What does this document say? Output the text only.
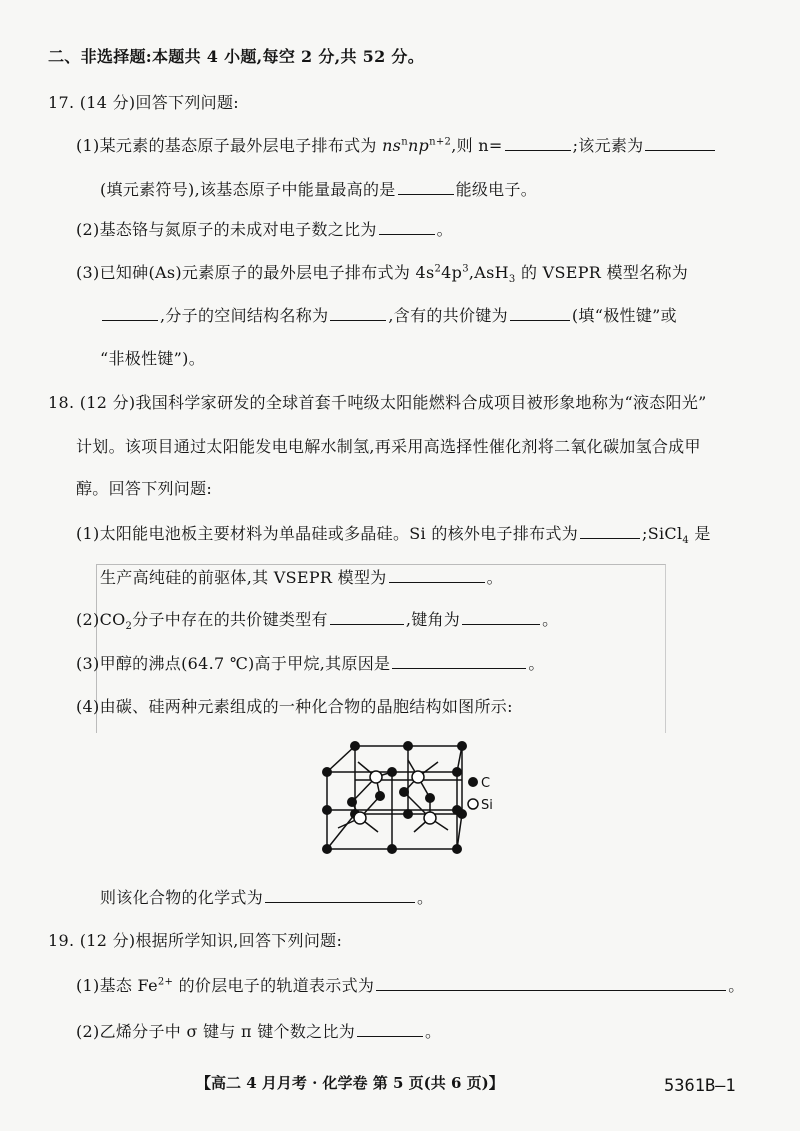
二、非选择题:本题共 4 小题,每空 2 分,共 52 分。
17. (14 分)回答下列问题:
(1)某元素的基态原子最外层电子排布式为 $ns^nnp^{n+2}$,则 n=	;该元素为
(填元素符号),该基态原子中能量最高的是	能级电子。
(2)基态铬与氮原子的未成对电子数之比为	。
(3)已知砷(As)元素原子的最外层电子排布式为 $4s^24p^3,AsH_3$ 的 VSEPR 模型名称为
,分子的空间结构名称为	,含有的共价键为	(填“极性键”或
“非极性键”)。
18. (12 分)我国科学家研发的全球首套千吨级太阳能燃料合成项目被形象地称为“液态阳光”
计划。该项目通过太阳能发电电解水制氢,再采用高选择性催化剂将二氧化碳加氢合成甲
醇。回答下列问题:
(1)太阳能电池板主要材料为单晶硅或多晶硅。Si 的核外电子排布式为	;SiCl$_4$ 是
生产高纯硅的前驱体,其 VSEPR 模型为	。
$(2)CO_2$分子中存在的共价键类型有	,键角为	。
(3)甲醇的沸点(64.7 ℃)高于甲烷,其原因是	。
(4)由碳、硅两种元素组成的一种化合物的晶胞结构如图所示:
C
Si
则该化合物的化学式为	。
19. (12 分)根据所学知识,回答下列问题:
(1)基态 $Fe^{2+}$ 的价层电子的轨道表示式为	。
(2)乙烯分子中 σ 键与 π 键个数之比为	。
【高二 4 月月考 · 化学卷 第 5 页(共 6 页)】	5361B—1
